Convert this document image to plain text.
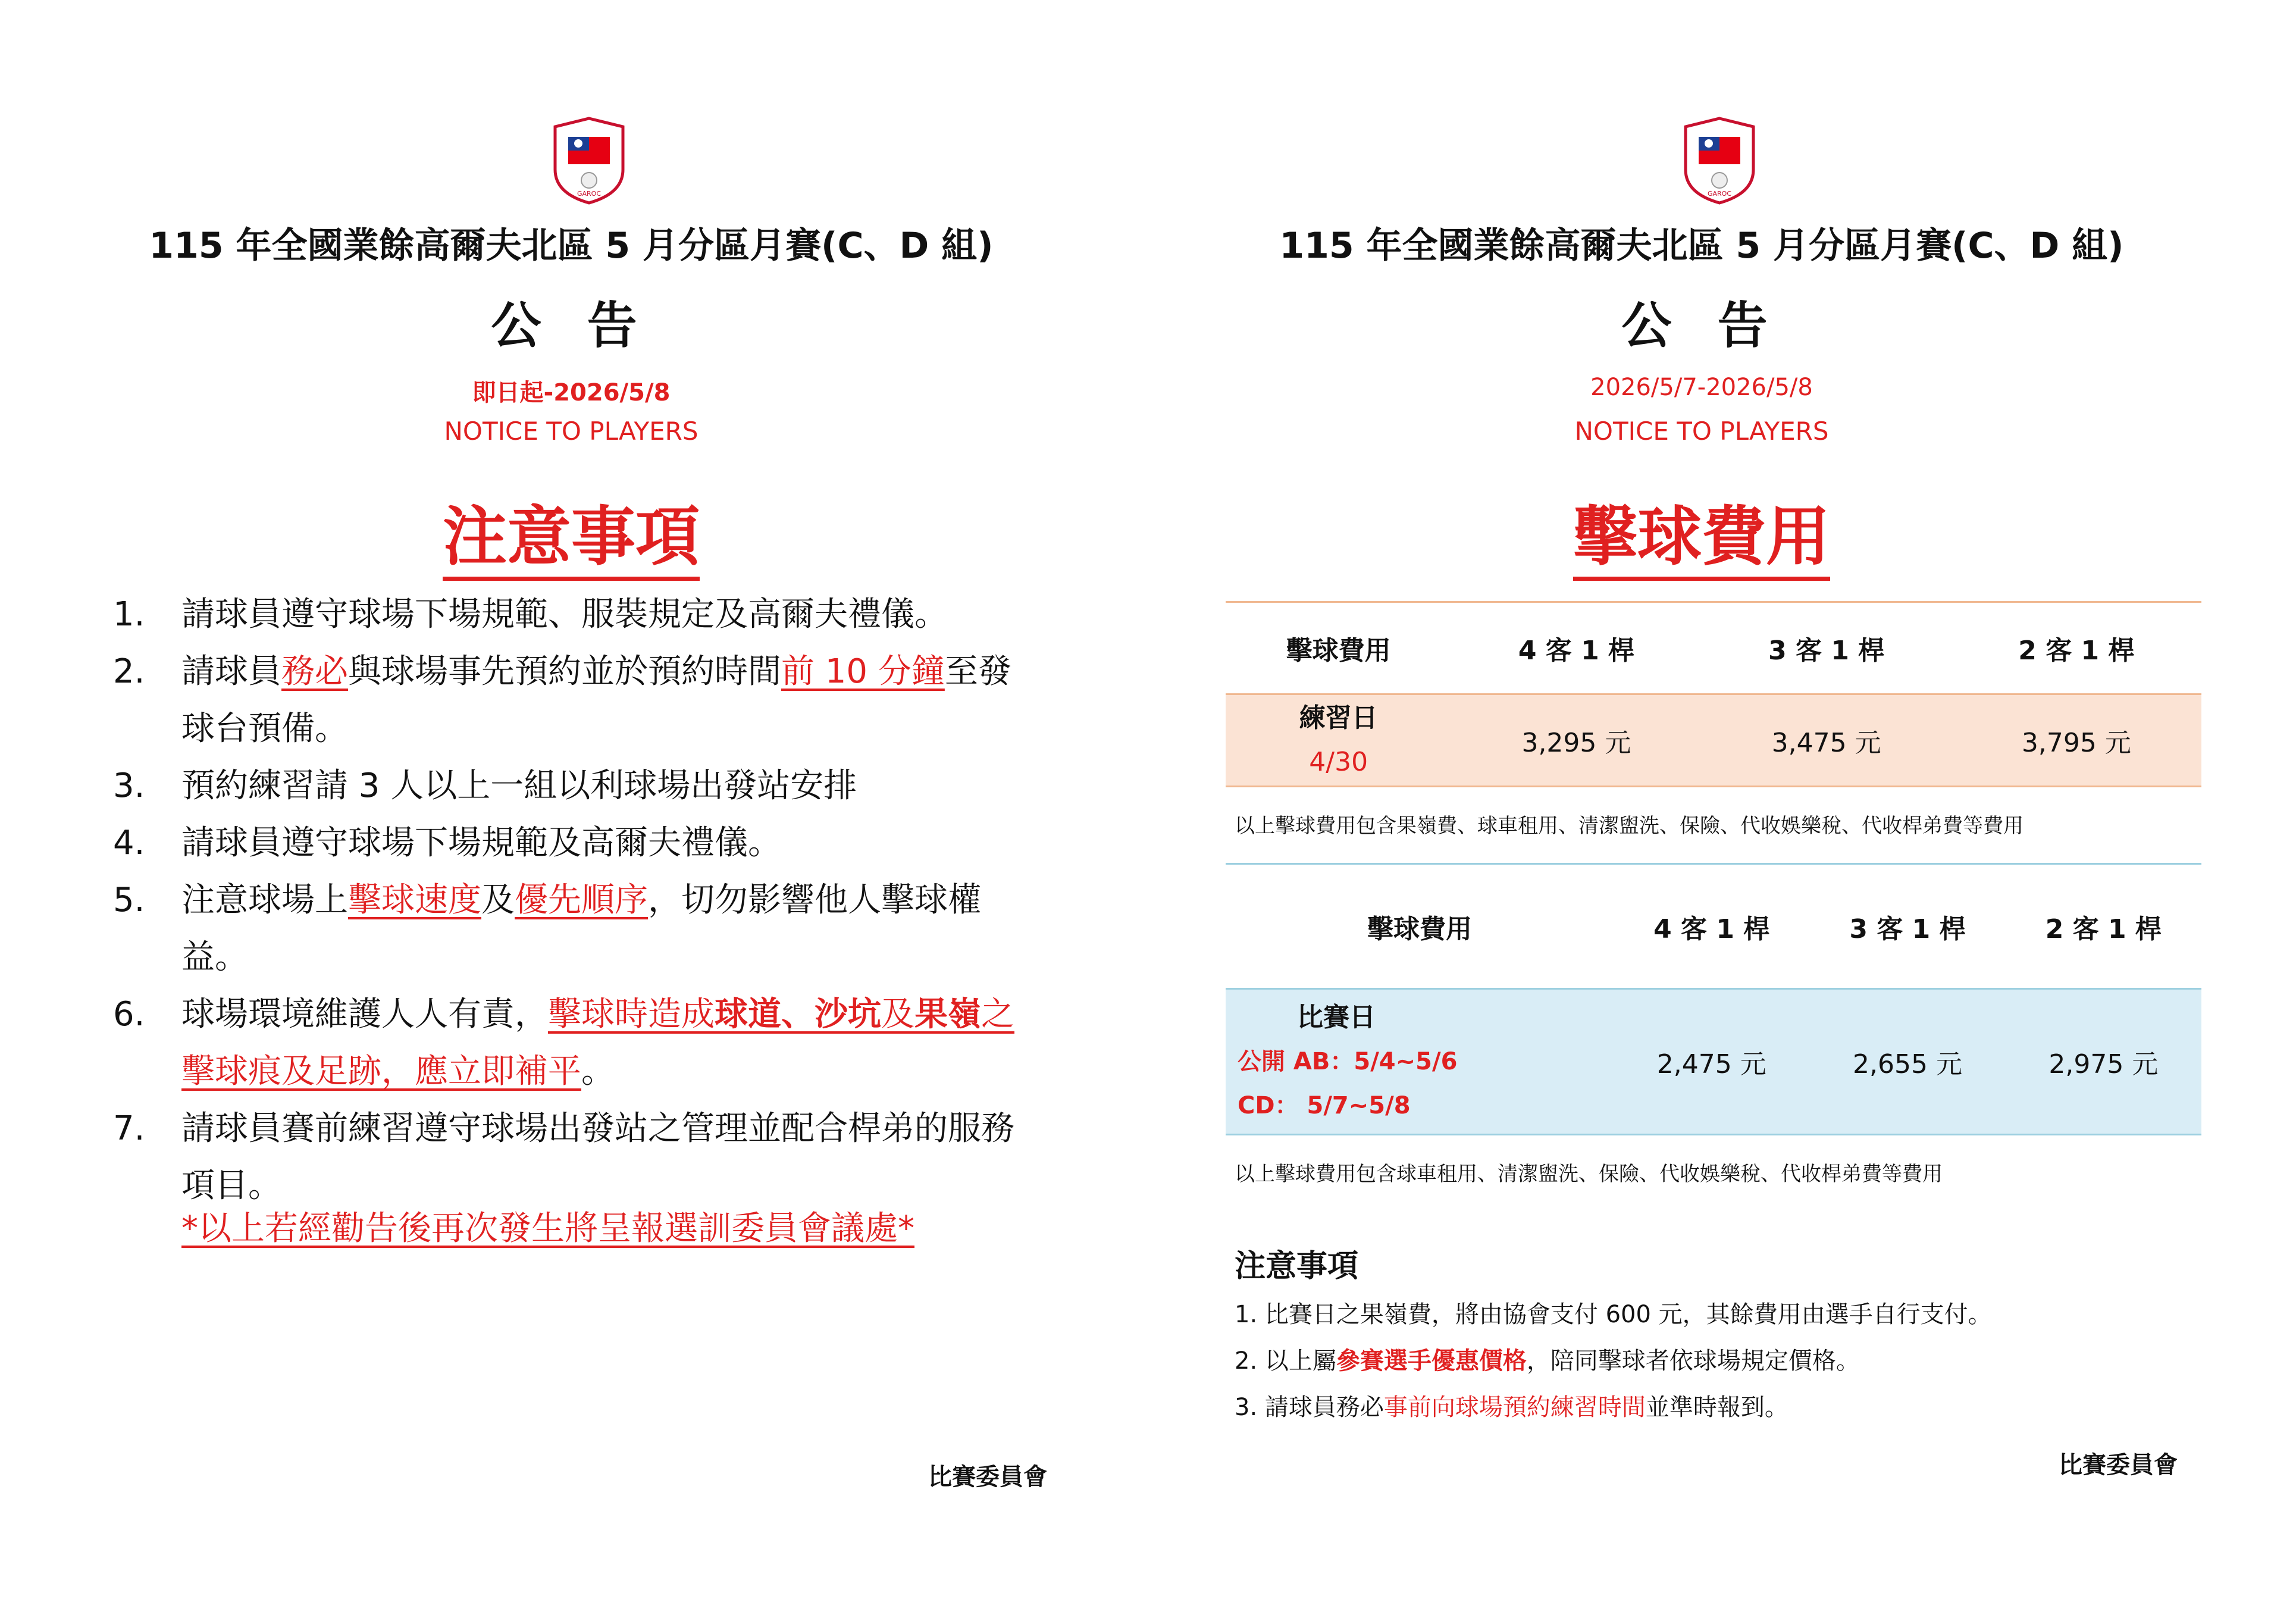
GAROC
115 年全國業餘高爾夫北區 5 月分區月賽(C、D 組)
公 告
即日起-2026/5/8
NOTICE TO PLAYERS
注意事項
1. 請球員遵守球場下場規範、服裝規定及高爾夫禮儀。
2. 請球員務必與球場事先預約並於預約時間前 10 分鐘至發球台預備。
3. 預約練習請 3 人以上一組以利球場出發站安排
4. 請球員遵守球場下場規範及高爾夫禮儀。
5. 注意球場上擊球速度及優先順序，切勿影響他人擊球權益。
6. 球場環境維護人人有責，擊球時造成球道、沙坑及果嶺之擊球痕及足跡，應立即補平。
7. 請球員賽前練習遵守球場出發站之管理並配合桿弟的服務項目。
*以上若經勸告後再次發生將呈報選訓委員會議處*
比賽委員會
GAROC
115 年全國業餘高爾夫北區 5 月分區月賽(C、D 組)
公 告
2026/5/7-2026/5/8
NOTICE TO PLAYERS
擊球費用
擊球費用	4 客 1 桿	3 客 1 桿	2 客 1 桿

練習日
4/30	3,295 元	3,475 元	3,795 元
以上擊球費用包含果嶺費、球車租用、清潔盥洗、保險、代收娛樂稅、代收桿弟費等費用
擊球費用	4 客 1 桿	3 客 1 桿	2 客 1 桿

比賽日
公開 AB：5/4~5/6
CD： 5/7~5/8	2,475 元	2,655 元	2,975 元
以上擊球費用包含球車租用、清潔盥洗、保險、代收娛樂稅、代收桿弟費等費用
注意事項
1. 比賽日之果嶺費，將由協會支付 600 元，其餘費用由選手自行支付。
2. 以上屬參賽選手優惠價格，陪同擊球者依球場規定價格。
3. 請球員務必事前向球場預約練習時間並準時報到。
比賽委員會
